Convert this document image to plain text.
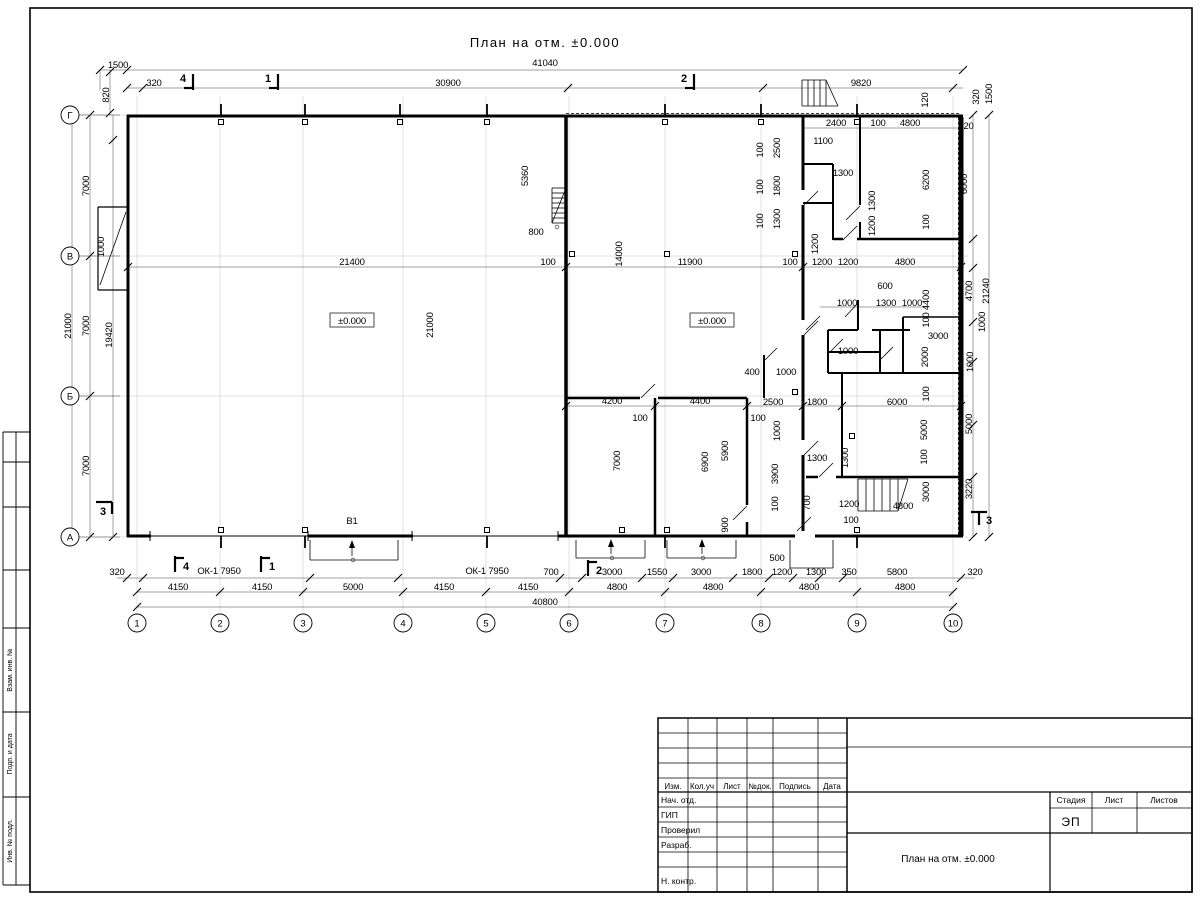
План на отм. ±0.000
1	2	3	4	5	6	7	8	9	10
Г
В
Б
А
41040
1500
320	30900	9820
820	120	320 1500
6200	6000
100
120
2400	100 4800
1100
100 2500
100 1800
100 1300
1300
1300
1200
1200
100 1200 1200	4800
4700 21240
600
1000 1300 1000
4400
100	1000
3000
2000	1000
1000
100
400 1000
2500 1800	6000
5000	5000
100
1300 1300
3900
100 700
900
1200
100
4800
3000	3220
5360
800
21400	100	11900
14000
21000
4200
100
4400
100
7000	6900
5900
1000
В1
1000
7000
7000
7000
21000	19420
320	ОК-1 7950	ОК-1 7950	700	3000	1550 3000	1800 1200
500
1300 350	5800	320
4150	4150	5000	4150	4150	4800	4800	4800	4800
40800
±0.000	±0.000
4	1	2
4	1	2
3
3
Изм. Кол.уч Лист №док. Подпись Дата
Нач. отд.
ГИП
Проверил
Разраб.
Н. контр.
Стадия Лист	Листов
ЭП
План на отм. ±0.000
Взам. инв. №
Подп. и дата
Инв. № подл.
